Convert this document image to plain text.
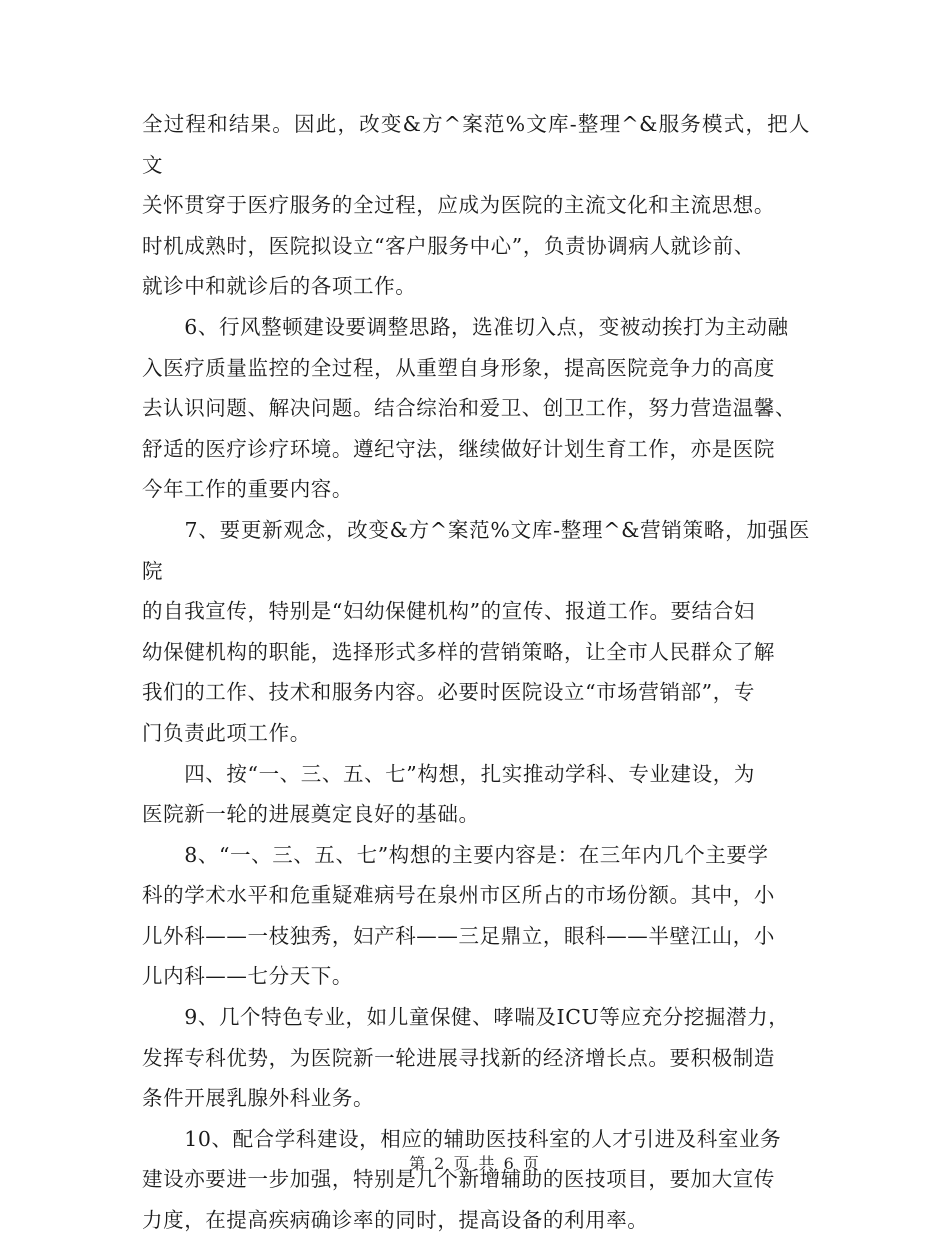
全过程和结果。因此，改变&方^案范%文库-整理^&服务模式，把人文
关怀贯穿于医疗服务的全过程，应成为医院的主流文化和主流思想。
时机成熟时，医院拟设立“客户服务中心”，负责协调病人就诊前、
就诊中和就诊后的各项工作。

　　6、行风整顿建设要调整思路，选准切入点，变被动挨打为主动融
入医疗质量监控的全过程，从重塑自身形象，提高医院竞争力的高度
去认识问题、解决问题。结合综治和爱卫、创卫工作，努力营造温馨、
舒适的医疗诊疗环境。遵纪守法，继续做好计划生育工作，亦是医院
今年工作的重要内容。

　　7、要更新观念，改变&方^案范%文库-整理^&营销策略，加强医院
的自我宣传，特别是“妇幼保健机构”的宣传、报道工作。要结合妇
幼保健机构的职能，选择形式多样的营销策略，让全市人民群众了解
我们的工作、技术和服务内容。必要时医院设立“市场营销部”，专
门负责此项工作。

　　四、按“一、三、五、七”构想，扎实推动学科、专业建设，为
医院新一轮的进展奠定良好的基础。

　　8、“一、三、五、七”构想的主要内容是：在三年内几个主要学
科的学术水平和危重疑难病号在泉州市区所占的市场份额。其中，小
儿外科——一枝独秀，妇产科——三足鼎立，眼科——半壁江山，小
儿内科——七分天下。

　　9、几个特色专业，如儿童保健、哮喘及ICU等应充分挖掘潜力，
发挥专科优势，为医院新一轮进展寻找新的经济增长点。要积极制造
条件开展乳腺外科业务。

　　10、配合学科建设，相应的辅助医技科室的人才引进及科室业务
建设亦要进一步加强，特别是几个新增辅助的医技项目，要加大宣传
力度，在提高疾病确诊率的同时，提高设备的利用率。

第 2 页 共 6 页
